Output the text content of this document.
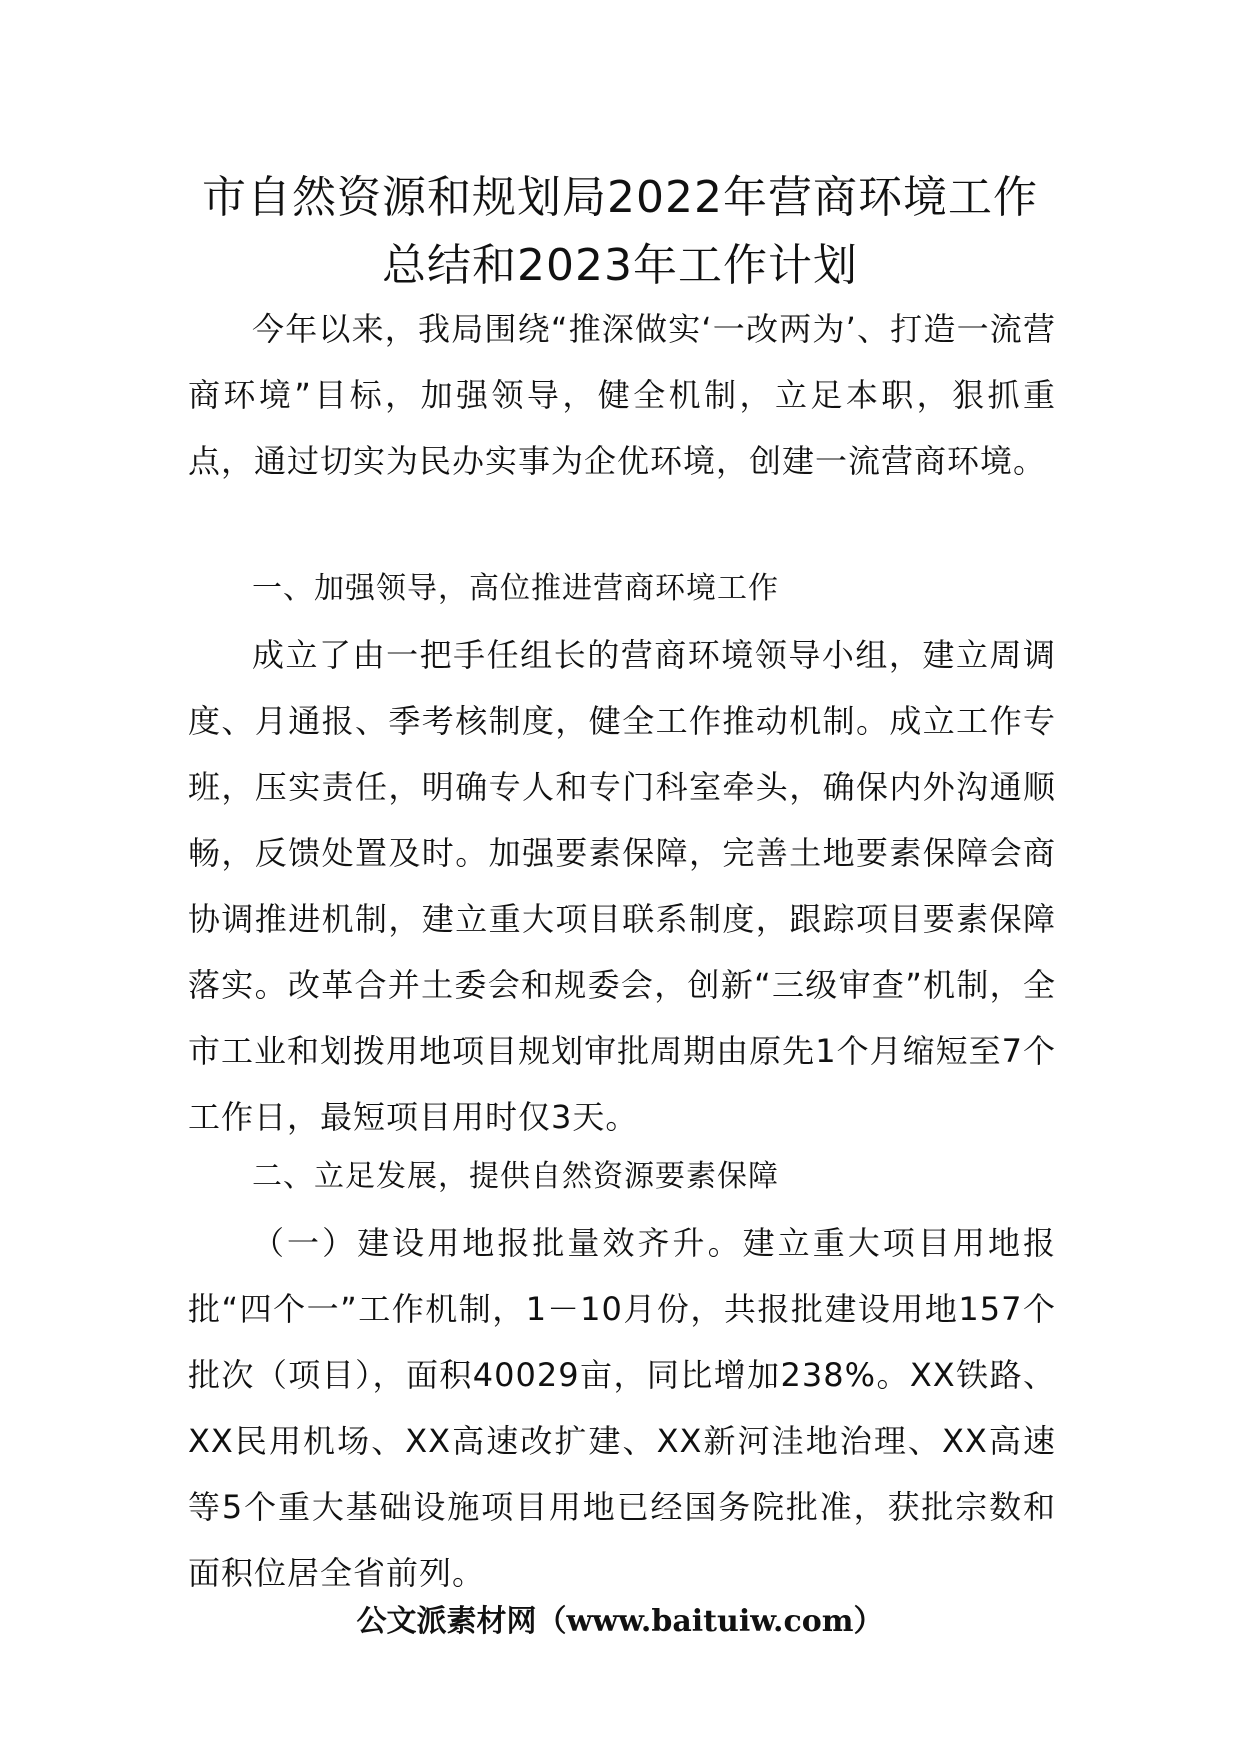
市自然资源和规划局2022年营商环境工作
总结和2023年工作计划

今年以来，我局围绕“推深做实‘一改两为’、打造一流营商环境”目标，加强领导，健全机制，立足本职，狠抓重点，通过切实为民办实事为企优环境，创建一流营商环境。

一、加强领导，高位推进营商环境工作

成立了由一把手任组长的营商环境领导小组，建立周调度、月通报、季考核制度，健全工作推动机制。成立工作专班，压实责任，明确专人和专门科室牵头，确保内外沟通顺畅，反馈处置及时。加强要素保障，完善土地要素保障会商协调推进机制，建立重大项目联系制度，跟踪项目要素保障落实。改革合并土委会和规委会，创新“三级审查”机制，全市工业和划拨用地项目规划审批周期由原先1个月缩短至7个工作日，最短项目用时仅3天。

二、立足发展，提供自然资源要素保障

（一）建设用地报批量效齐升。建立重大项目用地报批“四个一”工作机制，1－10月份，共报批建设用地157个批次（项目），面积40029亩，同比增加238%。XX铁路、XX民用机场、XX高速改扩建、XX新河洼地治理、XX高速等5个重大基础设施项目用地已经国务院批准，获批宗数和面积位居全省前列。

公文派素材网（www.baituiw.com）
